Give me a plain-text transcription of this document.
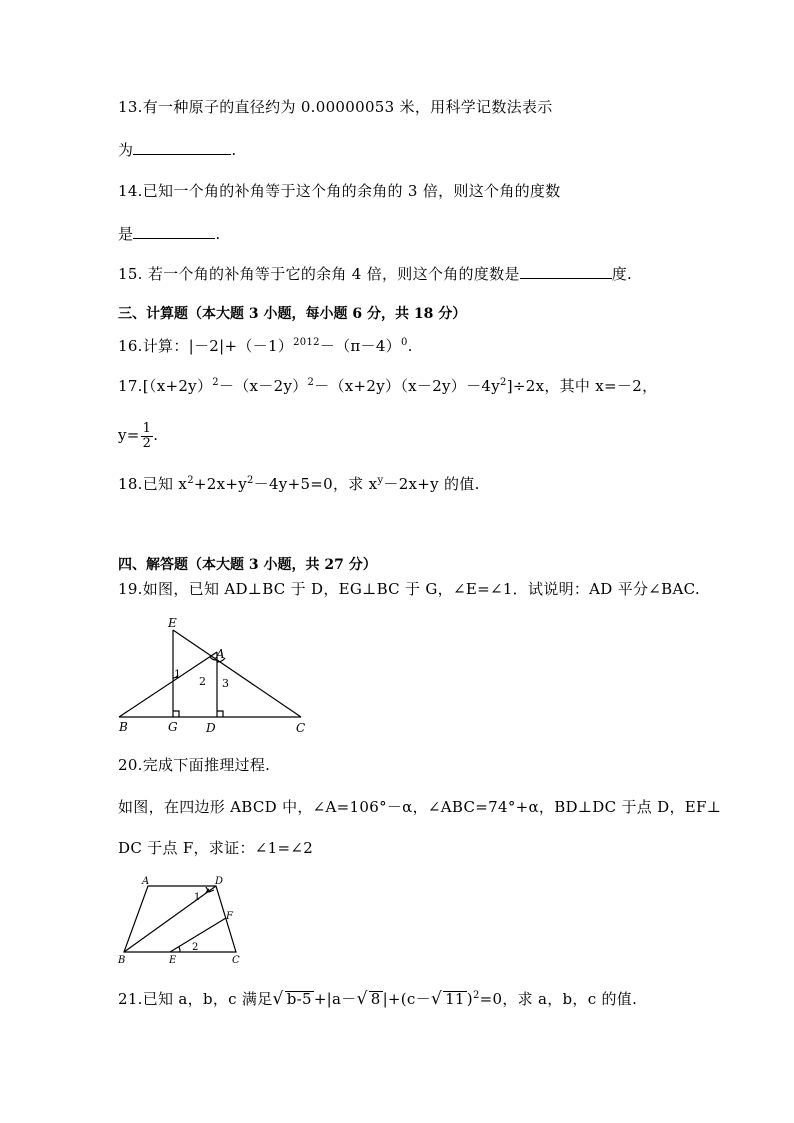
13.有一种原子的直径约为 0.00000053 米，用科学记数法表示
为	.
14.已知一个角的补角等于这个角的余角的 3 倍，则这个角的度数
是	.
15. 若一个角的补角等于它的余角 4 倍，则这个角的度数是	度.
三、计算题（本大题 3 小题，每小题 6 分，共 18 分）
16.计算：$|-2|+(-1)^{2012}-(\pi-4)^0$.
$17.[(x+2y)^2-(x-2y)^2-(x+2y)(x-2y)-4y^2]\div 2x$，其中 x=－2，
$y= \frac{1}{2}$ .
18.已知 $x^2+2x+y^2-4y+5=0$，求 $x^y-2x+y$ 的值.
四、解答题（本大题 3 小题，共 27 分）
19.如图，已知 AD⊥BC 于 D，EG⊥BC 于 G，∠E=∠1．试说明：AD 平分∠BAC.
E
A
B	G D	C
1
2 3
20.完成下面推理过程.
如图，在四边形 ABCD 中，∠A=106°－α，∠ABC=74°+α，BD⊥DC 于点 D，EF⊥
DC 于点 F，求证：∠1=∠2
A	D
F
B	E	C
1
2
21.已知 a，b，c 满足√ b-5 +|a－√ 8 |+(c－√ 11 )$^2$=0，求 a，b，c 的值.
